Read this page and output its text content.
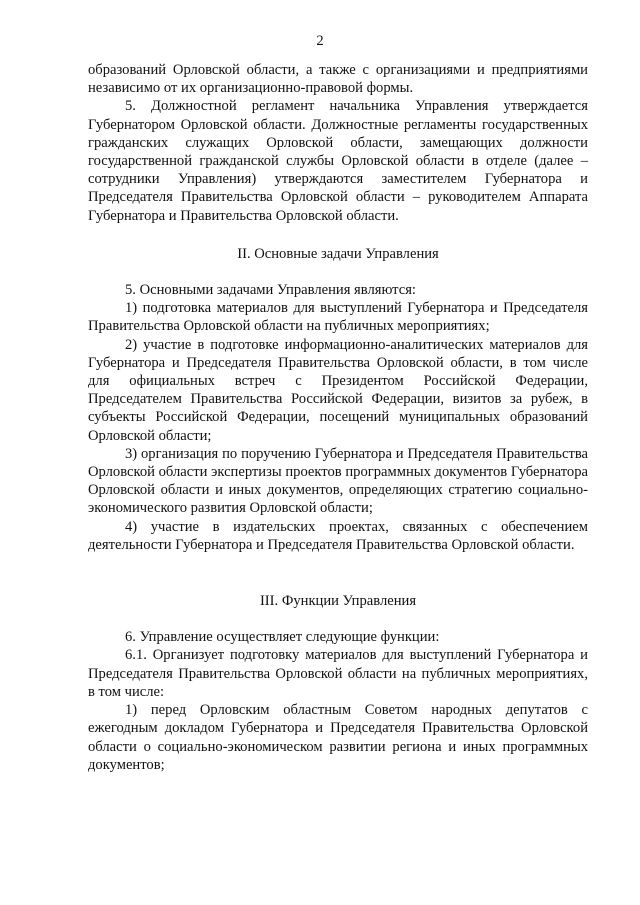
2

образований Орловской области, а также с организациями и предприятиями независимо от их организационно-правовой формы.

5. Должностной регламент начальника Управления утверждается Губернатором Орловской области. Должностные регламенты государственных гражданских служащих Орловской области, замещающих должности государственной гражданской службы Орловской области в отделе (далее – сотрудники Управления) утверждаются заместителем Губернатора и Председателя Правительства Орловской области – руководителем Аппарата Губернатора и Правительства Орловской области.

II. Основные задачи Управления

5. Основными задачами Управления являются:

1) подготовка материалов для выступлений Губернатора и Председателя Правительства Орловской области на публичных мероприятиях;

2) участие в подготовке информационно-аналитических материалов для Губернатора и Председателя Правительства Орловской области, в том числе для официальных встреч с Президентом Российской Федерации, Председателем Правительства Российской Федерации, визитов за рубеж, в субъекты Российской Федерации, посещений муниципальных образований Орловской области;

3) организация по поручению Губернатора и Председателя Правительства Орловской области экспертизы проектов программных документов Губернатора Орловской области и иных документов, определяющих стратегию социально-экономического развития Орловской области;

4) участие в издательских проектах, связанных с обеспечением деятельности Губернатора и Председателя Правительства Орловской области.

III. Функции Управления

6. Управление осуществляет следующие функции:

6.1. Организует подготовку материалов для выступлений Губернатора и Председателя Правительства Орловской области на публичных мероприятиях, в том числе:

1) перед Орловским областным Советом народных депутатов с ежегодным докладом Губернатора и Председателя Правительства Орловской области о социально-экономическом развитии региона и иных программных документов;
